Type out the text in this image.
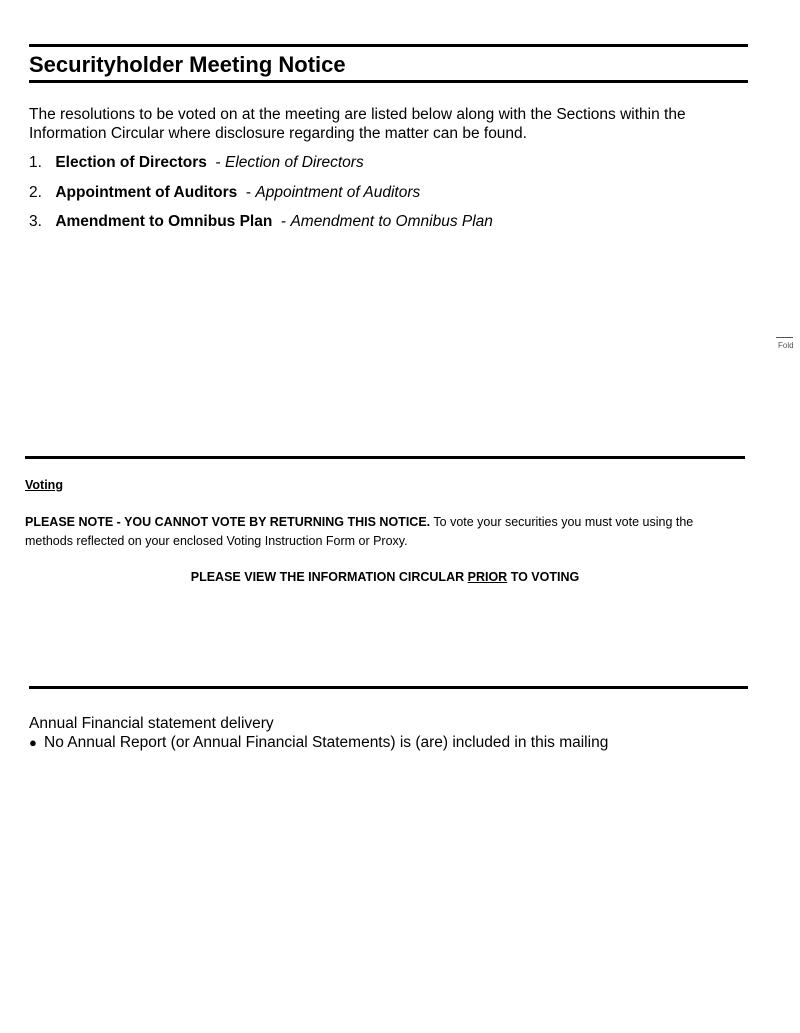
Securityholder Meeting Notice

The resolutions to be voted on at the meeting are listed below along with the Sections within the Information Circular where disclosure regarding the matter can be found.

1. Election of Directors - Election of Directors
2. Appointment of Auditors - Appointment of Auditors
3. Amendment to Omnibus Plan - Amendment to Omnibus Plan
Fold
Voting

PLEASE NOTE - YOU CANNOT VOTE BY RETURNING THIS NOTICE. To vote your securities you must vote using the methods reflected on your enclosed Voting Instruction Form or Proxy.

PLEASE VIEW THE INFORMATION CIRCULAR PRIOR TO VOTING
Annual Financial statement delivery
● No Annual Report (or Annual Financial Statements) is (are) included in this mailing
